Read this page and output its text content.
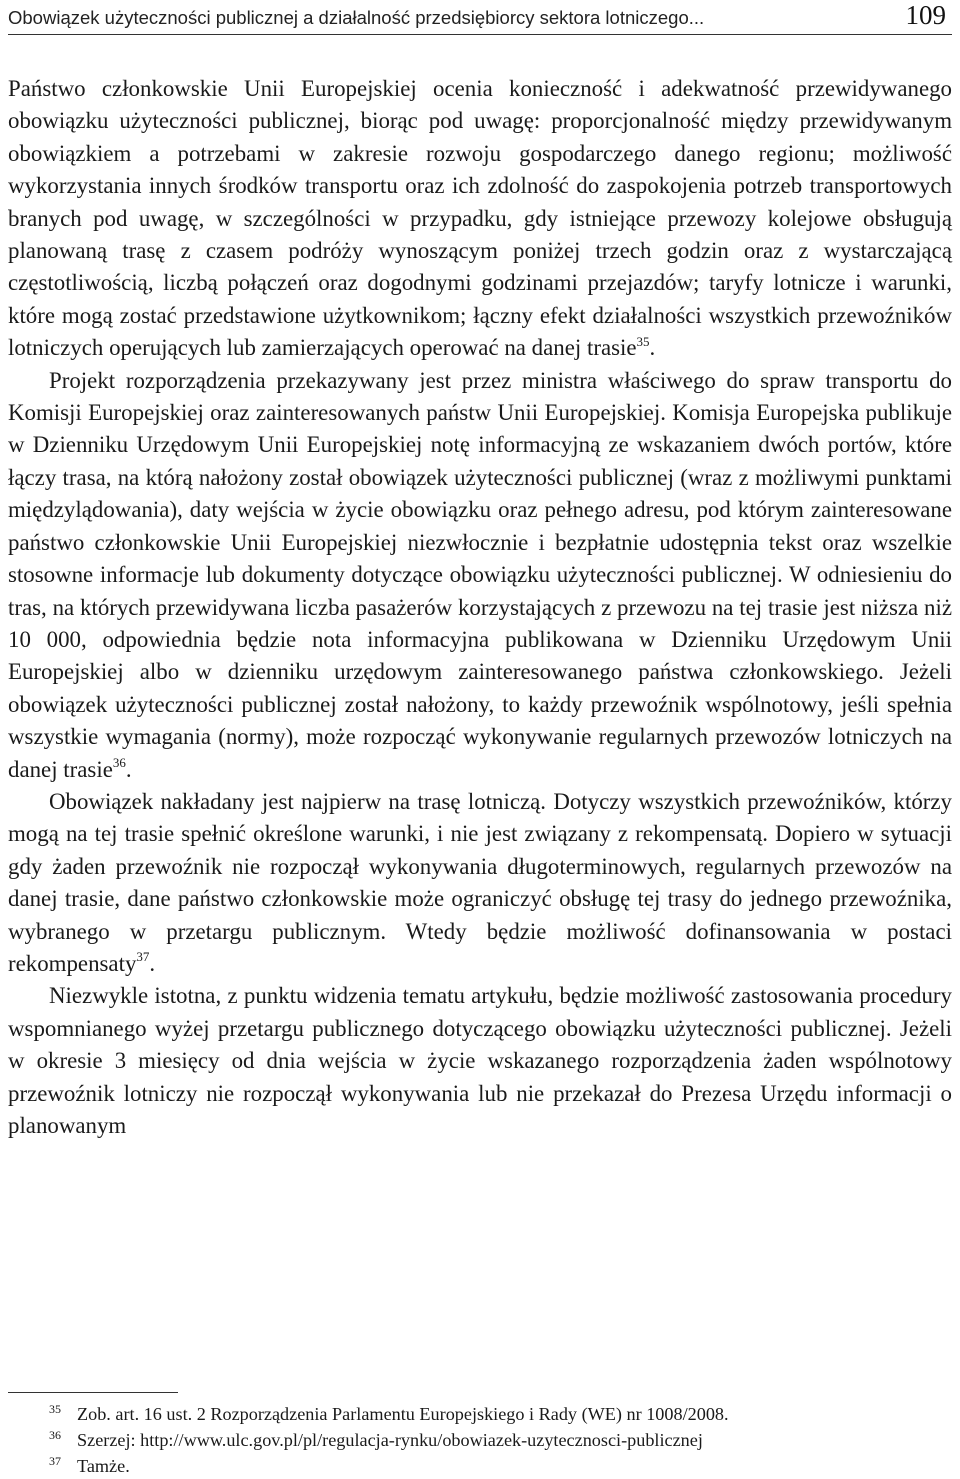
Obowiązek użyteczności publicznej a działalność przedsiębiorcy sektora lotniczego...	109

Państwo członkowskie Unii Europejskiej ocenia konieczność i adekwatność przewidywanego obowiązku użyteczności publicznej, biorąc pod uwagę: proporcjonalność między przewidywanym obowiązkiem a potrzebami w zakresie rozwoju gospodarczego danego regionu; możliwość wykorzystania innych środków transportu oraz ich zdolność do zaspokojenia potrzeb transportowych branych pod uwagę, w szczególności w przypadku, gdy istniejące przewozy kolejowe obsługują planowaną trasę z czasem podróży wynoszącym poniżej trzech godzin oraz z wystarczającą częstotliwością, liczbą połączeń oraz dogodnymi godzinami przejazdów; taryfy lotnicze i warunki, które mogą zostać przedstawione użytkownikom; łączny efekt działalności wszystkich przewoźników lotniczych operujących lub zamierzających operować na danej trasie$^{35}$.

Projekt rozporządzenia przekazywany jest przez ministra właściwego do spraw transportu do Komisji Europejskiej oraz zainteresowanych państw Unii Europejskiej. Komisja Europejska publikuje w Dzienniku Urzędowym Unii Europejskiej notę informacyjną ze wskazaniem dwóch portów, które łączy trasa, na którą nałożony został obowiązek użyteczności publicznej (wraz z możliwymi punktami międzylądowania), daty wejścia w życie obowiązku oraz pełnego adresu, pod którym zainteresowane państwo członkowskie Unii Europejskiej niezwłocznie i bezpłatnie udostępnia tekst oraz wszelkie stosowne informacje lub dokumenty dotyczące obowiązku użyteczności publicznej. W odniesieniu do tras, na których przewidywana liczba pasażerów korzystających z przewozu na tej trasie jest niższa niż 10 000, odpowiednia będzie nota informacyjna publikowana w Dzienniku Urzędowym Unii Europejskiej albo w dzienniku urzędowym zainteresowanego państwa członkowskiego. Jeżeli obowiązek użyteczności publicznej został nałożony, to każdy przewoźnik wspólnotowy, jeśli spełnia wszystkie wymagania (normy), może rozpocząć wykonywanie regularnych przewozów lotniczych na danej trasie$^{36}$.

Obowiązek nakładany jest najpierw na trasę lotniczą. Dotyczy wszystkich przewoźników, którzy mogą na tej trasie spełnić określone warunki, i nie jest związany z rekompensatą. Dopiero w sytuacji gdy żaden przewoźnik nie rozpoczął wykonywania długoterminowych, regularnych przewozów na danej trasie, dane państwo członkowskie może ograniczyć obsługę tej trasy do jednego przewoźnika, wybranego w przetargu publicznym. Wtedy będzie możliwość dofinansowania w postaci rekompensaty$^{37}$.

Niezwykle istotna, z punktu widzenia tematu artykułu, będzie możliwość zastosowania procedury wspomnianego wyżej przetargu publicznego dotyczącego obowiązku użyteczności publicznej. Jeżeli w okresie 3 miesięcy od dnia wejścia w życie wskazanego rozporządzenia żaden wspólnotowy przewoźnik lotniczy nie rozpoczął wykonywania lub nie przekazał do Prezesa Urzędu informacji o planowanym

35 Zob. art. 16 ust. 2 Rozporządzenia Parlamentu Europejskiego i Rady (WE) nr 1008/2008.
36 Szerzej: http://www.ulc.gov.pl/pl/regulacja-rynku/obowiazek-uzytecznosci-publicznej
37 Tamże.
